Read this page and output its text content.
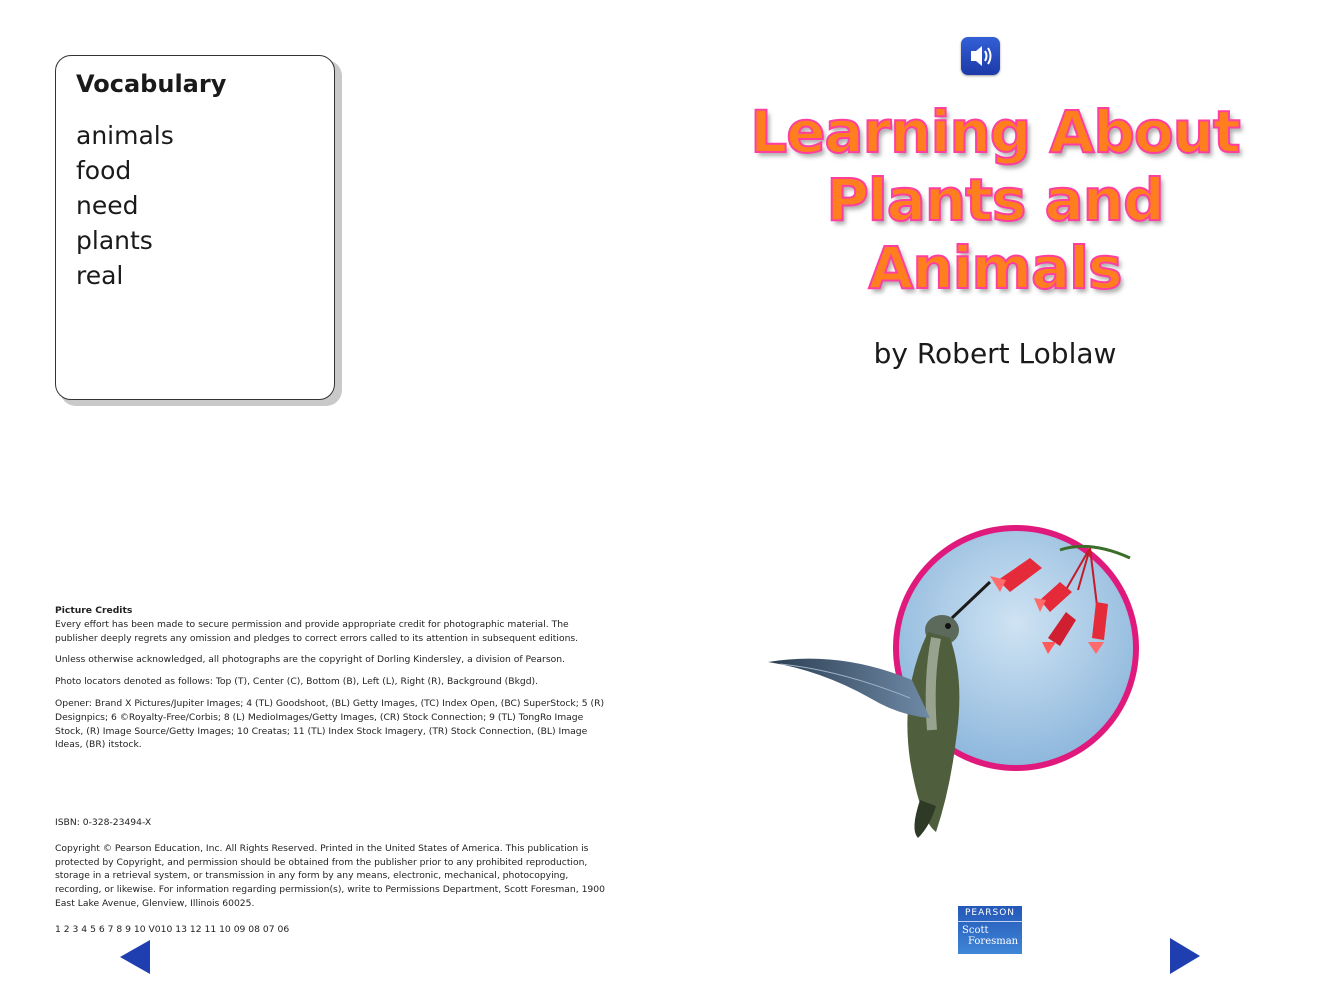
Vocabulary
animals
food
need
plants
real

Picture Credits

Every effort has been made to secure permission and provide appropriate credit for photographic material. The publisher deeply regrets any omission and pledges to correct errors called to its attention in subsequent editions.

Unless otherwise acknowledged, all photographs are the copyright of Dorling Kindersley, a division of Pearson.

Photo locators denoted as follows: Top (T), Center (C), Bottom (B), Left (L), Right (R), Background (Bkgd).

Opener: Brand X Pictures/Jupiter Images; 4 (TL) Goodshoot, (BL) Getty Images, (TC) Index Open, (BC) SuperStock; 5 (R) Designpics; 6 ©Royalty-Free/Corbis; 8 (L) MedioImages/Getty Images, (CR) Stock Connection; 9 (TL) TongRo Image Stock, (R) Image Source/Getty Images; 10 Creatas; 11 (TL) Index Stock Imagery, (TR) Stock Connection, (BL) Image Ideas, (BR) itstock.

ISBN: 0-328-23494-X

Copyright © Pearson Education, Inc. All Rights Reserved. Printed in the United States of America. This publication is protected by Copyright, and permission should be obtained from the publisher prior to any prohibited reproduction, storage in a retrieval system, or transmission in any form by any means, electronic, mechanical, photocopying, recording, or likewise. For information regarding permission(s), write to Permissions Department, Scott Foresman, 1900 East Lake Avenue, Glenview, Illinois 60025.

1 2 3 4 5 6 7 8 9 10 V010 13 12 11 10 09 08 07 06

Learning About
Plants and
Animals

by Robert Loblaw

PEARSON
Scott
Foresman
